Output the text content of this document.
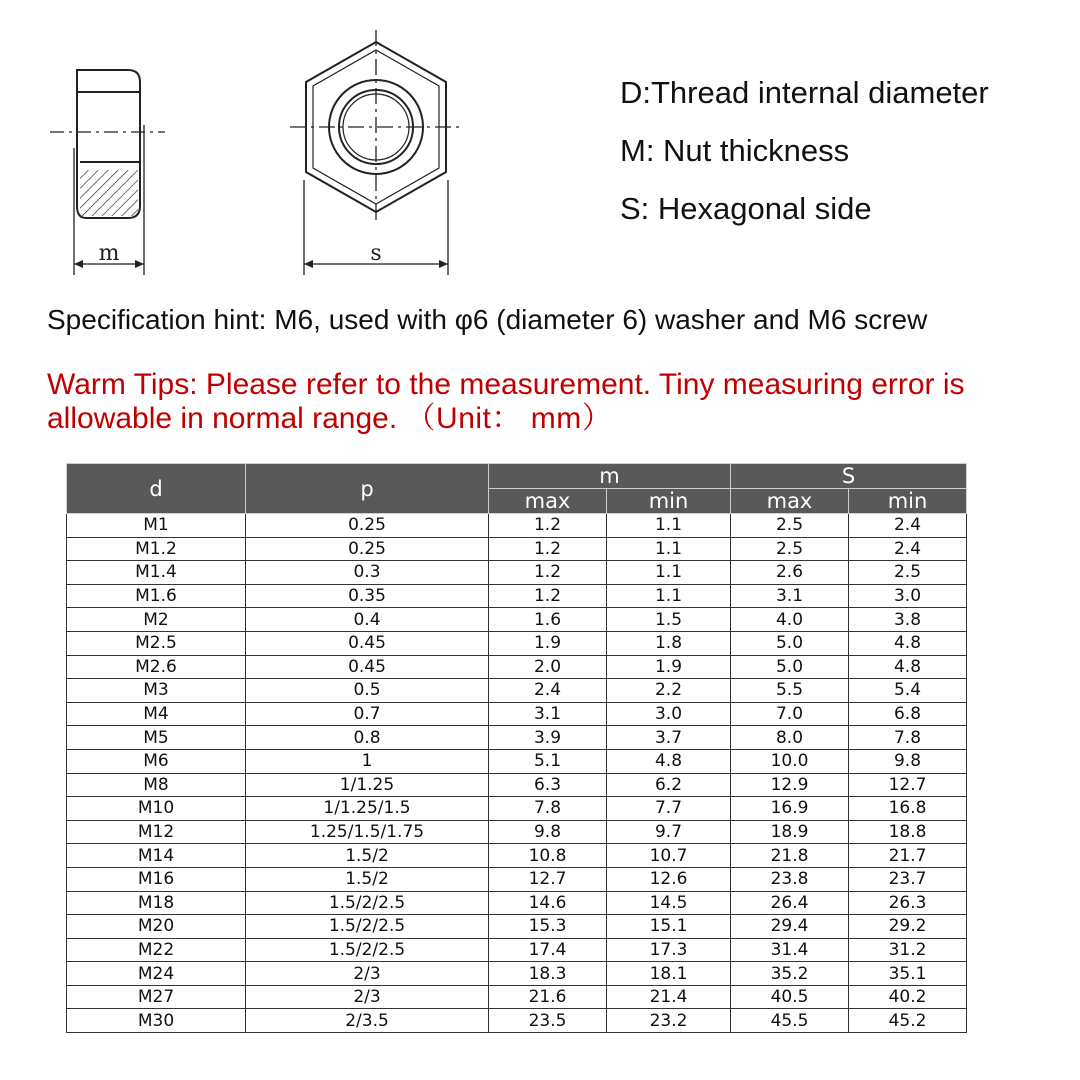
m	s
D:Thread internal diameter
M: Nut thickness
S: Hexagonal side
Specification hint: M6, used with φ6 (diameter 6) washer and M6 screw
Warm Tips: Please refer to the measurement. Tiny measuring error is allowable in normal range. （Unit： mm）
d	p	m		S	
		max	min	max	min
M1	0.25	1.2	1.1	2.5	2.4
M1.2	0.25	1.2	1.1	2.5	2.4
M1.4	0.3	1.2	1.1	2.6	2.5
M1.6	0.35	1.2	1.1	3.1	3.0
M2	0.4	1.6	1.5	4.0	3.8
M2.5	0.45	1.9	1.8	5.0	4.8
M2.6	0.45	2.0	1.9	5.0	4.8
M3	0.5	2.4	2.2	5.5	5.4
M4	0.7	3.1	3.0	7.0	6.8
M5	0.8	3.9	3.7	8.0	7.8
M6	1	5.1	4.8	10.0	9.8
M8	1/1.25	6.3	6.2	12.9	12.7
M10	1/1.25/1.5	7.8	7.7	16.9	16.8
M12	1.25/1.5/1.75	9.8	9.7	18.9	18.8
M14	1.5/2	10.8	10.7	21.8	21.7
M16	1.5/2	12.7	12.6	23.8	23.7
M18	1.5/2/2.5	14.6	14.5	26.4	26.3
M20	1.5/2/2.5	15.3	15.1	29.4	29.2
M22	1.5/2/2.5	17.4	17.3	31.4	31.2
M24	2/3	18.3	18.1	35.2	35.1
M27	2/3	21.6	21.4	40.5	40.2
M30	2/3.5	23.5	23.2	45.5	45.2
